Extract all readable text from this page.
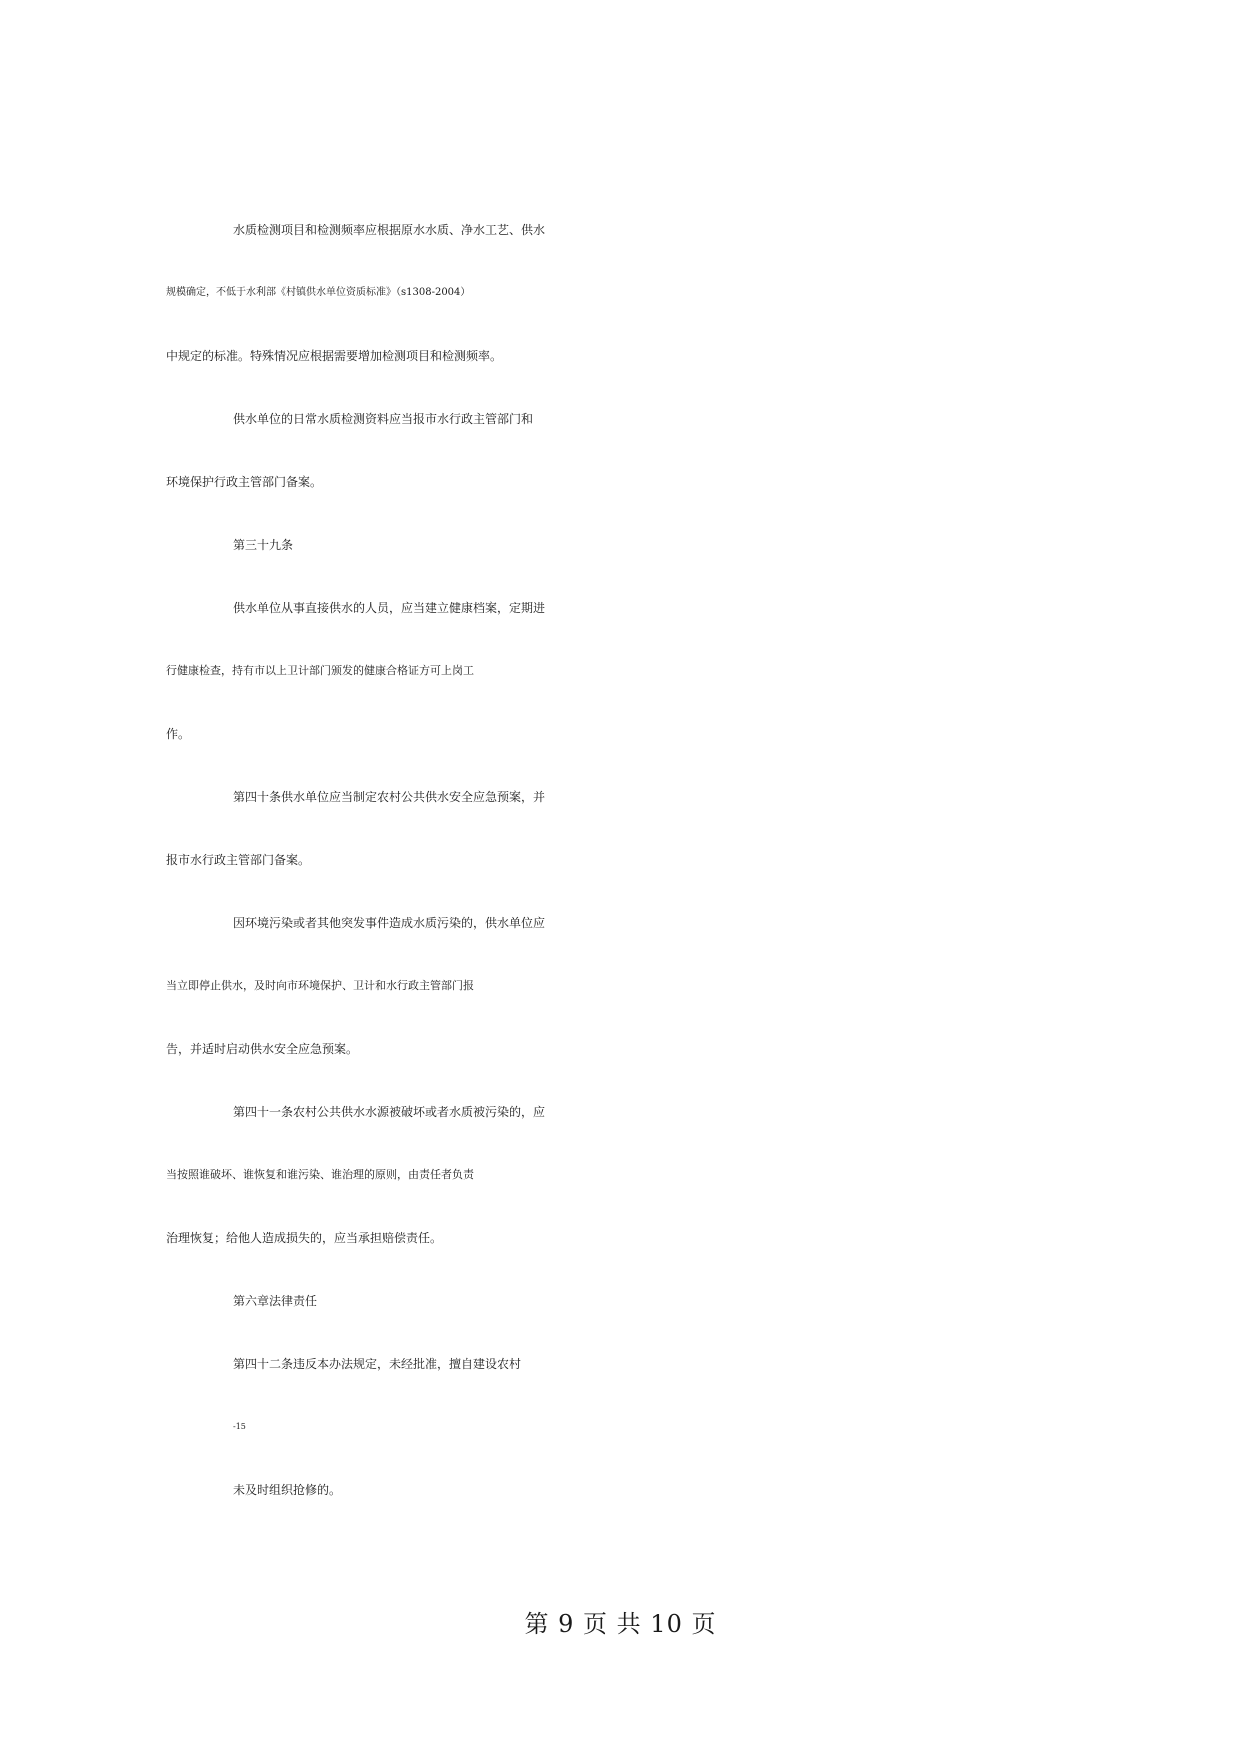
水质检测项目和检测频率应根据原水水质、净水工艺、供水
规模确定，不低于水利部《村镇供水单位资质标准》（s1308-2004）
中规定的标准。特殊情况应根据需要增加检测项目和检测频率。
供水单位的日常水质检测资料应当报市水行政主管部门和
环境保护行政主管部门备案。
第三十九条
供水单位从事直接供水的人员，应当建立健康档案，定期进
行健康检查，持有市以上卫计部门颁发的健康合格证方可上岗工
作。
第四十条供水单位应当制定农村公共供水安全应急预案，并
报市水行政主管部门备案。
因环境污染或者其他突发事件造成水质污染的，供水单位应
当立即停止供水，及时向市环境保护、卫计和水行政主管部门报
告，并适时启动供水安全应急预案。
第四十一条农村公共供水水源被破坏或者水质被污染的，应
当按照谁破坏、谁恢复和谁污染、谁治理的原则，由责任者负责
治理恢复；给他人造成损失的，应当承担赔偿责任。
第六章法律责任
第四十二条违反本办法规定，未经批准，擅自建设农村
-15
未及时组织抢修的。
第 9 页 共 10 页
